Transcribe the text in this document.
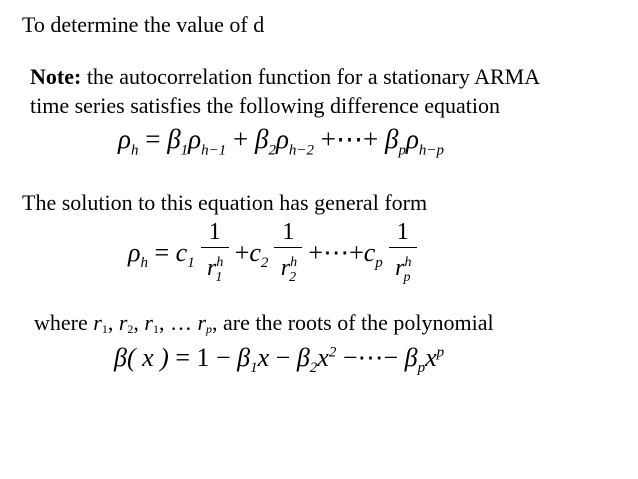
To determine the value of d
Note: the autocorrelation function for a stationary ARMA
time series satisfies the following difference equation
$\rho_h = \beta_1\rho_{h-1} + \beta_2\rho_{h-2}$ +⋯+ $\beta_p\rho_{h-p}$
The solution to this equation has general form
$\rho_h = c_1 \frac{1}{r^h_1} +c_2 \frac{1}{r^h_2}$ $+\cdots+c_p \frac{1}{r^h_p}$
where r1, r2, r1, … rp, are the roots of the polynomial
β( x ) = $1 - \beta_1x - \beta_2x^2$ −⋯− $\beta_px^p$
